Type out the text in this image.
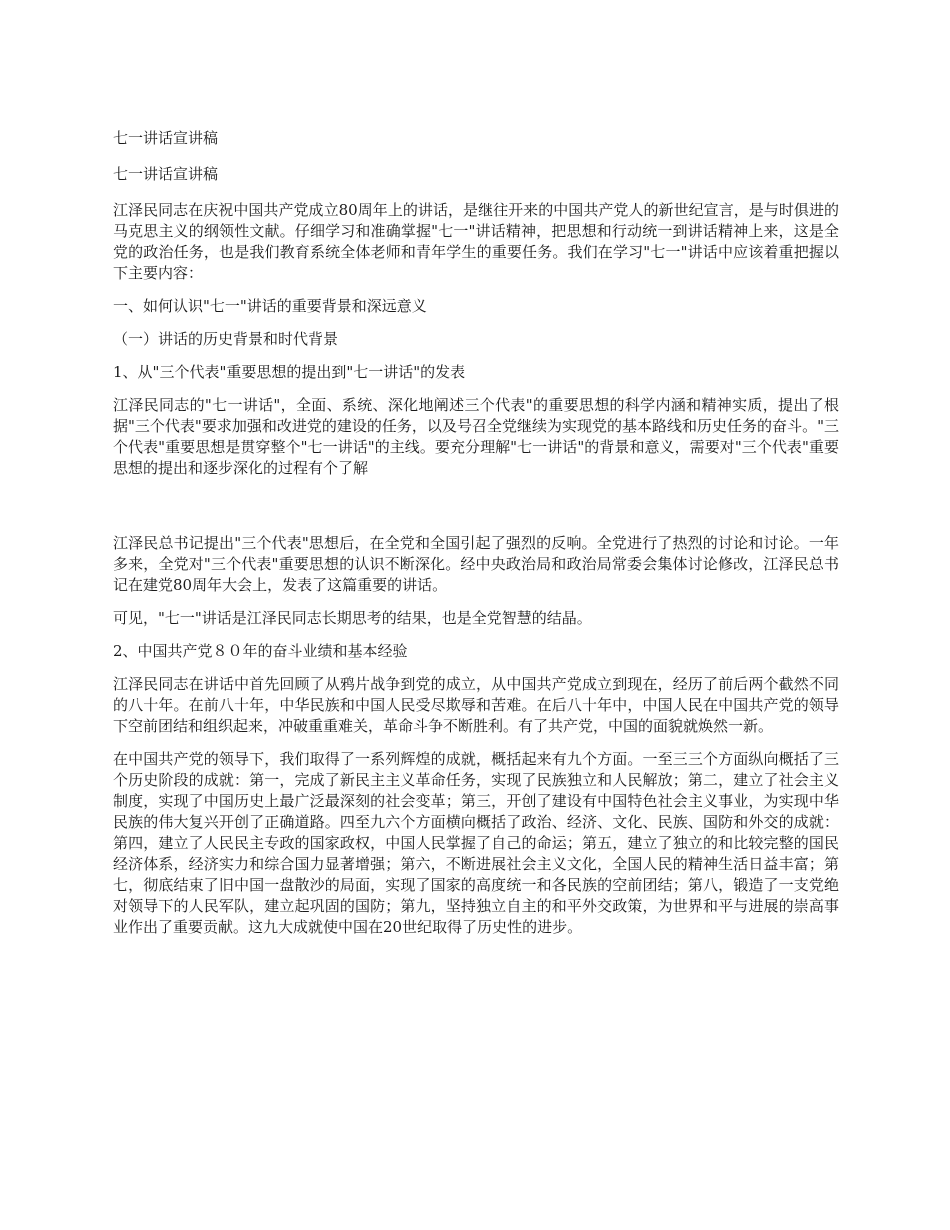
七一讲话宣讲稿

七一讲话宣讲稿

江泽民同志在庆祝中国共产党成立80周年上的讲话，是继往开来的中国共产党人的新世纪宣言，是与时俱进的马克思主义的纲领性文献。仔细学习和准确掌握"七一"讲话精神，把思想和行动统一到讲话精神上来，这是全党的政治任务，也是我们教育系统全体老师和青年学生的重要任务。我们在学习"七一"讲话中应该着重把握以下主要内容：

一、如何认识"七一"讲话的重要背景和深远意义

（一）讲话的历史背景和时代背景

1、从"三个代表"重要思想的提出到"七一讲话"的发表

江泽民同志的"七一讲话"，全面、系统、深化地阐述三个代表"的重要思想的科学内涵和精神实质，提出了根据"三个代表"要求加强和改进党的建设的任务，以及号召全党继续为实现党的基本路线和历史任务的奋斗。"三个代表"重要思想是贯穿整个"七一讲话"的主线。要充分理解"七一讲话"的背景和意义，需要对"三个代表"重要思想的提出和逐步深化的过程有个了解

江泽民总书记提出"三个代表"思想后，在全党和全国引起了强烈的反响。全党进行了热烈的讨论和讨论。一年多来，全党对"三个代表"重要思想的认识不断深化。经中央政治局和政治局常委会集体讨论修改，江泽民总书记在建党80周年大会上，发表了这篇重要的讲话。

可见，"七一"讲话是江泽民同志长期思考的结果，也是全党智慧的结晶。

2、中国共产党８０年的奋斗业绩和基本经验

江泽民同志在讲话中首先回顾了从鸦片战争到党的成立，从中国共产党成立到现在，经历了前后两个截然不同的八十年。在前八十年，中华民族和中国人民受尽欺辱和苦难。在后八十年中，中国人民在中国共产党的领导下空前团结和组织起来，冲破重重难关，革命斗争不断胜利。有了共产党，中国的面貌就焕然一新。

在中国共产党的领导下，我们取得了一系列辉煌的成就，概括起来有九个方面。一至三三个方面纵向概括了三个历史阶段的成就：第一，完成了新民主主义革命任务，实现了民族独立和人民解放；第二，建立了社会主义制度，实现了中国历史上最广泛最深刻的社会变革；第三，开创了建设有中国特色社会主义事业，为实现中华民族的伟大复兴开创了正确道路。四至九六个方面横向概括了政治、经济、文化、民族、国防和外交的成就：第四，建立了人民民主专政的国家政权，中国人民掌握了自己的命运；第五，建立了独立的和比较完整的国民经济体系，经济实力和综合国力显著增强；第六，不断进展社会主义文化，全国人民的精神生活日益丰富；第七，彻底结束了旧中国一盘散沙的局面，实现了国家的高度统一和各民族的空前团结；第八，锻造了一支党绝对领导下的人民军队，建立起巩固的国防；第九，坚持独立自主的和平外交政策，为世界和平与进展的崇高事业作出了重要贡献。这九大成就使中国在20世纪取得了历史性的进步。
